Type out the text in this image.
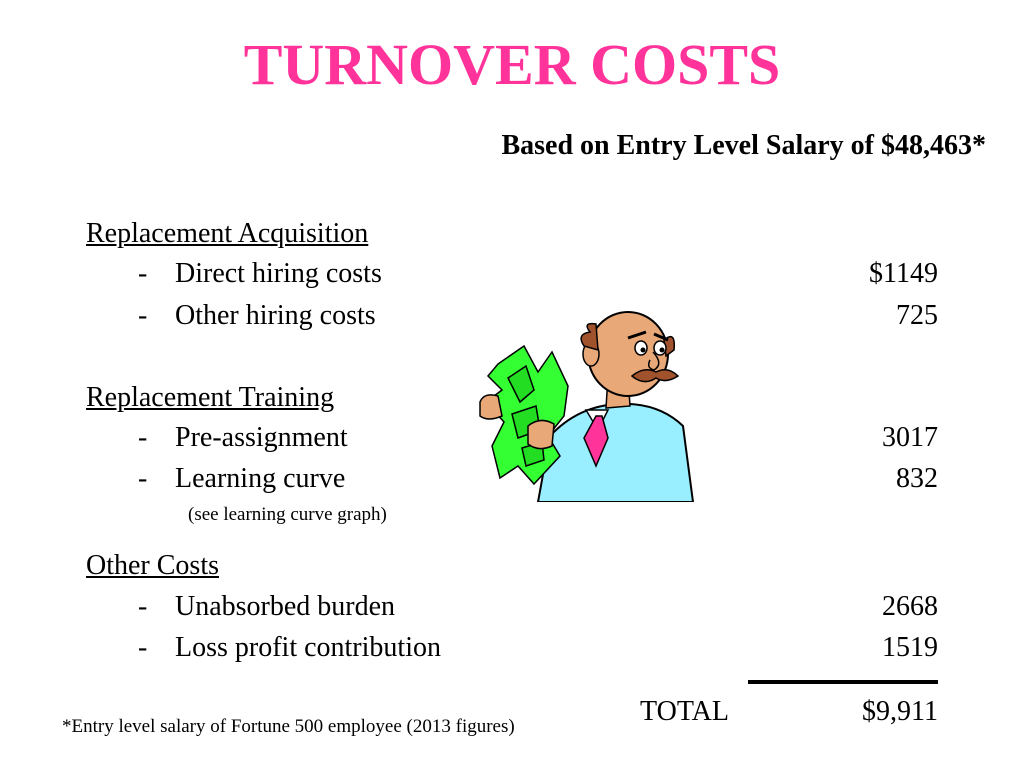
TURNOVER COSTS
Based on Entry Level Salary of $48,463*
Replacement Acquisition
- Direct hiring costs	$1149
- Other hiring costs	725
Replacement Training
- Pre-assignment	3017
- Learning curve	832
(see learning curve graph)
Other Costs
- Unabsorbed burden	2668
- Loss profit contribution	1519
TOTAL	$9,911
*Entry level salary of Fortune 500 employee (2013 figures)
